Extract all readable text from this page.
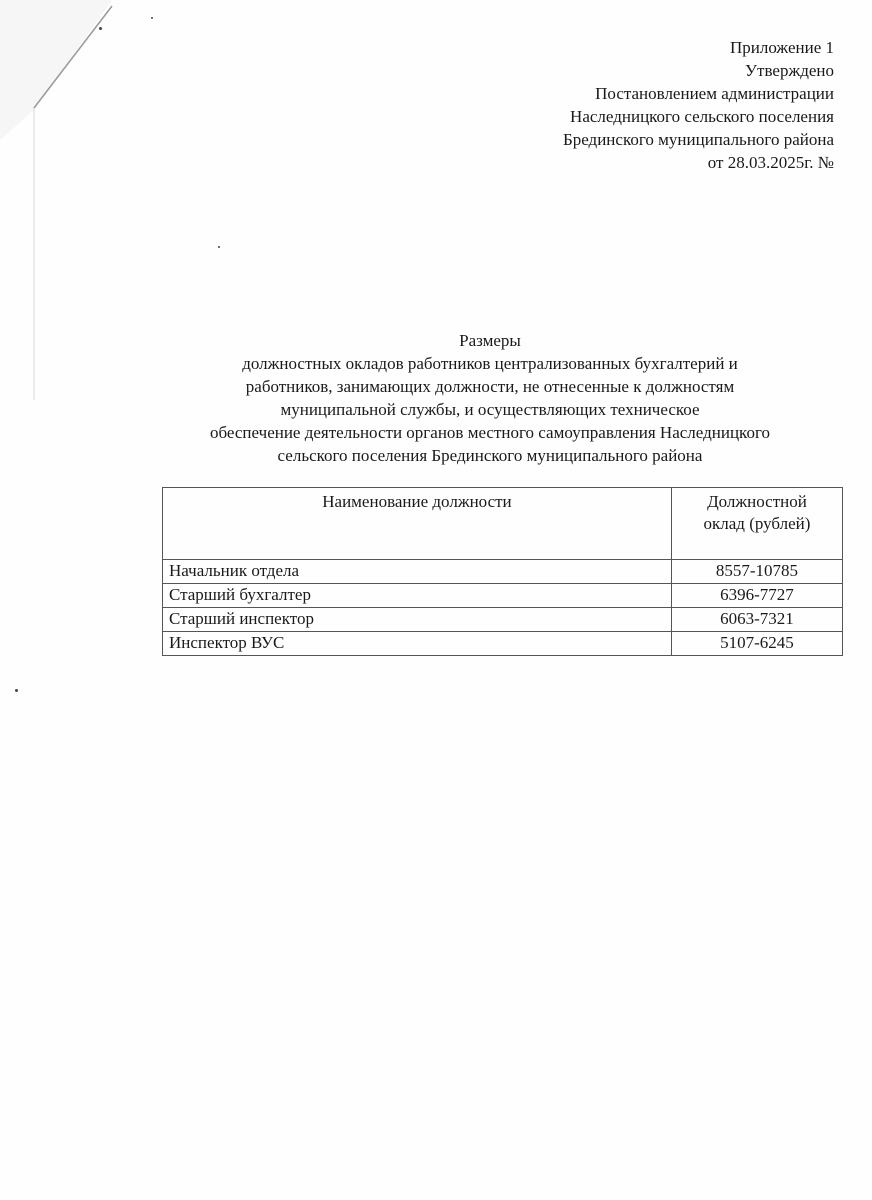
Приложение 1
Утверждено
Постановлением администрации
Наследницкого сельского поселения
Брединского муниципального района
от 28.03.2025г. №
Размеры
должностных окладов работников централизованных бухгалтерий и
работников, занимающих должности, не отнесенные к должностям
муниципальной службы, и осуществляющих техническое
обеспечение деятельности органов местного самоуправления Наследницкого
сельского поселения Брединского муниципального района
Наименование должности	Должностной
оклад (рублей)
Начальник отдела	8557-10785
Старший бухгалтер	6396-7727
Старший инспектор	6063-7321
Инспектор ВУС	5107-6245
